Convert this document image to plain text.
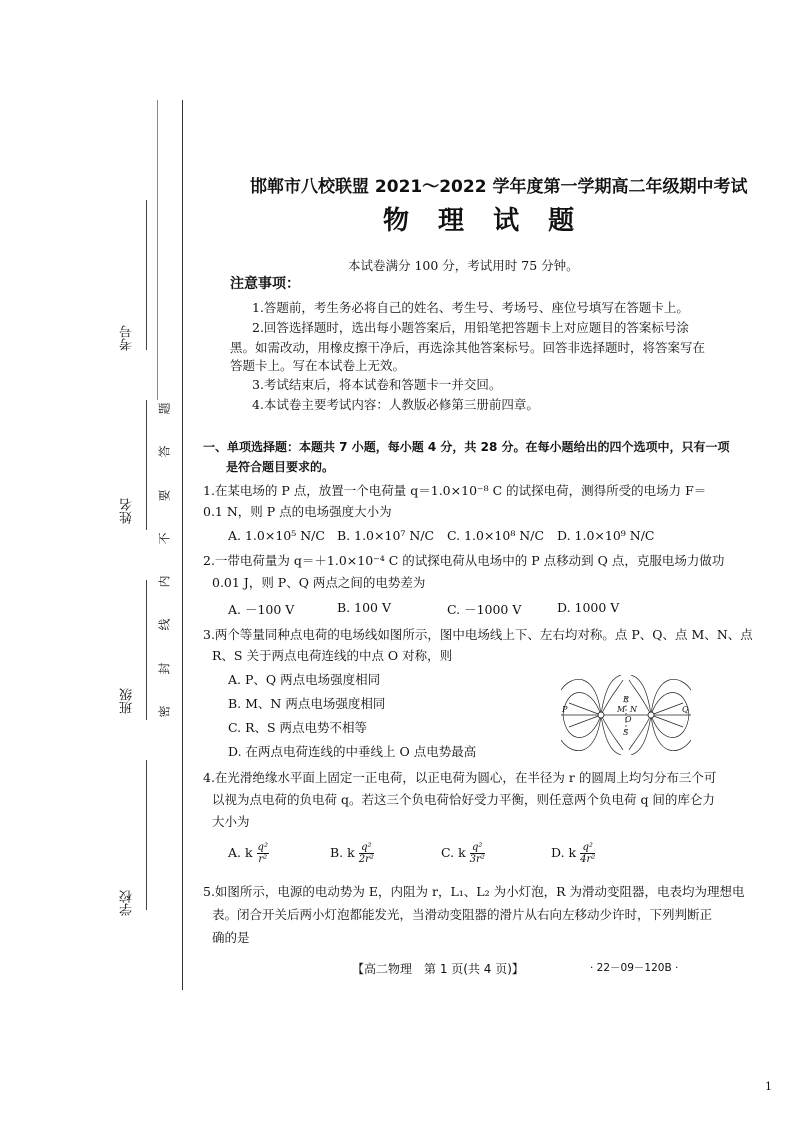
考号
姓名
班级
学校
题
答
要
不
内
线
封
密
邯郸市八校联盟 2021～2022 学年度第一学期高二年级期中考试
物 理 试 题
本试卷满分 100 分，考试用时 75 分钟。
注意事项：
1.答题前，考生务必将自己的姓名、考生号、考场号、座位号填写在答题卡上。
2.回答选择题时，选出每小题答案后，用铅笔把答题卡上对应题目的答案标号涂
黑。如需改动，用橡皮擦干净后，再选涂其他答案标号。回答非选择题时，将答案写在
答题卡上。写在本试卷上无效。
3.考试结束后，将本试卷和答题卡一并交回。
4.本试卷主要考试内容：人教版必修第三册前四章。
一、单项选择题：本题共 7 小题，每小题 4 分，共 28 分。在每小题给出的四个选项中，只有一项
是符合题目要求的。
1.在某电场的 P 点，放置一个电荷量 q＝1.0×10⁻⁸ C 的试探电荷，测得所受的电场力 F＝
0.1 N，则 P 点的电场强度大小为
A. 1.0×10⁵ N/C B. 1.0×10⁷ N/C C. 1.0×10⁸ N/C D. 1.0×10⁹ N/C
2.一带电荷量为 q＝＋1.0×10⁻⁴ C 的试探电荷从电场中的 P 点移动到 Q 点，克服电场力做功
0.01 J，则 P、Q 两点之间的电势差为
A. －100 V	B. 100 V	C. －1000 V	D. 1000 V
3.两个等量同种点电荷的电场线如图所示，图中电场线上下、左右均对称。点 P、Q、点 M、N、点
R、S 关于两点电荷连线的中点 O 对称，则
A. P、Q 两点电场强度相同
B. M、N 两点电场强度相同
C. R、S 两点电势不相等
D. 在两点电荷连线的中垂线上 O 点电势最高
P	Q
M N
R
S
O
4.在光滑绝缘水平面上固定一正电荷，以正电荷为圆心，在半径为 r 的圆周上均匀分布三个可
以视为点电荷的负电荷 q。若这三个负电荷恰好受力平衡，则任意两个负电荷 q 间的库仑力
大小为
A. k $\frac{\text{q²}}{\text{r²}}$	B. k $\frac{\text{q²}}{\text{2r²}}$	C. k $\frac{\text{q²}}{\text{3r²}}$	D. k $\frac{\text{q²}}{\text{4r²}}$
5.如图所示，电源的电动势为 E，内阻为 r，L₁、L₂ 为小灯泡，R 为滑动变阻器，电表均为理想电
表。闭合开关后两小灯泡都能发光，当滑动变阻器的滑片从右向左移动少许时，下列判断正
确的是
【高二物理　第 1 页(共 4 页)】	· 22－09－120B ·
1
